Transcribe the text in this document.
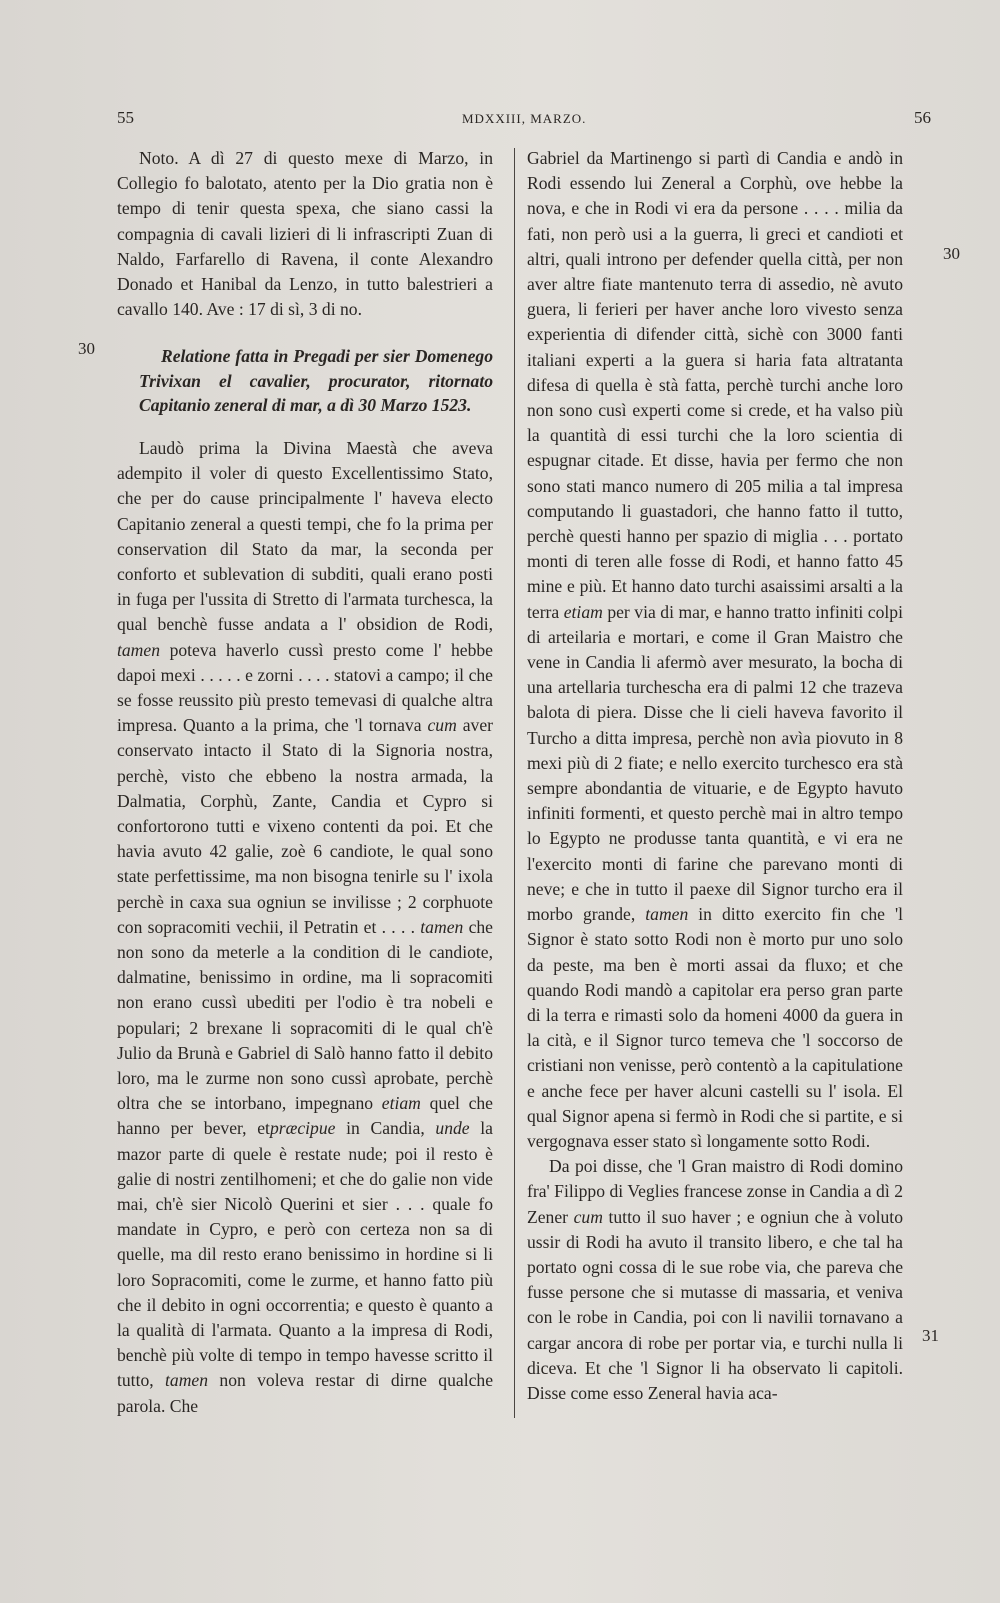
55	MDXXIII, MARZO.	56
30
30
31

Noto. A dì 27 di questo mexe di Marzo, in Collegio fo balotato, atento per la Dio gratia non è tempo di tenir questa spexa, che siano cassi la compagnia di cavali lizieri di li infrascripti Zuan di Naldo, Farfarello di Ravena, il conte Alexandro Donado et Hanibal da Lenzo, in tutto balestrieri a cavallo 140. Ave : 17 di sì, 3 di no.

Relatione fatta in Pregadi per sier Domenego Trivixan el cavalier, procurator, ritornato Capitanio zeneral di mar, a dì 30 Marzo 1523.

Laudò prima la Divina Maestà che aveva adempito il voler di questo Excellentissimo Stato, che per do cause principalmente l' haveva electo Capitanio zeneral a questi tempi, che fo la prima per conservation dil Stato da mar, la seconda per conforto et sublevation di subditi, quali erano posti in fuga per l'ussita di Stretto di l'armata turchesca, la qual benchè fusse andata a l' obsidion de Rodi, tamen poteva haverlo cussì presto come l' hebbe dapoi mexi . . . . . e zorni . . . . statovi a campo; il che se fosse reussito più presto temevasi di qualche altra impresa. Quanto a la prima, che 'l tornava cum aver conservato intacto il Stato di la Signoria nostra, perchè, visto che ebbeno la nostra armada, la Dalmatia, Corphù, Zante, Candia et Cypro si confortorono tutti e vixeno contenti da poi. Et che havia avuto 42 galie, zoè 6 candiote, le qual sono state perfettissime, ma non bisogna tenirle su l' ixola perchè in caxa sua ogniun se invilisse ; 2 corphuote con sopracomiti vechii, il Petratin et . . . . tamen che non sono da meterle a la condition di le candiote, dalmatine, benissimo in ordine, ma li sopracomiti non erano cussì ubediti per l'odio è tra nobeli e populari; 2 brexane li sopracomiti di le qual ch'è Julio da Brunà e Gabriel di Salò hanno fatto il debito loro, ma le zurme non sono cussì aprobate, perchè oltra che se intorbano, impegnano etiam quel che hanno per bever, etpræcipue in Candia, unde la mazor parte di quele è restate nude; poi il resto è galie di nostri zentilhomeni; et che do galie non vide mai, ch'è sier Nicolò Querini et sier . . . quale fo mandate in Cypro, e però con certeza non sa di quelle, ma dil resto erano benissimo in hordine si li loro Sopracomiti, come le zurme, et hanno fatto più che il debito in ogni occorrentia; e questo è quanto a la qualità di l'armata. Quanto a la impresa di Rodi, benchè più volte di tempo in tempo havesse scritto il tutto, tamen non voleva restar di dirne qualche parola. Che

Gabriel da Martinengo si partì di Candia e andò in Rodi essendo lui Zeneral a Corphù, ove hebbe la nova, e che in Rodi vi era da persone . . . . milia da fati, non però usi a la guerra, li greci et candioti et altri, quali introno per defender quella città, per non aver altre fiate mantenuto terra di assedio, nè avuto guera, li ferieri per haver anche loro vivesto senza experientia di difender città, sichè con 3000 fanti italiani experti a la guera si haria fata altratanta difesa di quella è stà fatta, perchè turchi anche loro non sono cusì experti come si crede, et ha valso più la quantità di essi turchi che la loro scientia di espugnar citade. Et disse, havia per fermo che non sono stati manco numero di 205 milia a tal impresa computando li guastadori, che hanno fatto il tutto, perchè questi hanno per spazio di miglia . . . portato monti di teren alle fosse di Rodi, et hanno fatto 45 mine e più. Et hanno dato turchi asaissimi arsalti a la terra etiam per via di mar, e hanno tratto infiniti colpi di arteilaria e mortari, e come il Gran Maistro che vene in Candia li afermò aver mesurato, la bocha di una artellaria turchescha era di palmi 12 che trazeva balota di piera. Disse che li cieli haveva favorito il Turcho a ditta impresa, perchè non avìa piovuto in 8 mexi più di 2 fiate; e nello exercito turchesco era stà sempre abondantia de vituarie, e de Egypto havuto infiniti formenti, et questo perchè mai in altro tempo lo Egypto ne produsse tanta quantità, e vi era ne l'exercito monti di farine che parevano monti di neve; e che in tutto il paexe dil Signor turcho era il morbo grande, tamen in ditto exercito fin che 'l Signor è stato sotto Rodi non è morto pur uno solo da peste, ma ben è morti assai da fluxo; et che quando Rodi mandò a capitolar era perso gran parte di la terra e rimasti solo da homeni 4000 da guera in la cità, e il Signor turco temeva che 'l soccorso de cristiani non venisse, però contentò a la capitulatione e anche fece per haver alcuni castelli su l' isola. El qual Signor apena si fermò in Rodi che si partite, e si vergognava esser stato sì longamente sotto Rodi.

Da poi disse, che 'l Gran maistro di Rodi domino fra' Filippo di Veglies francese zonse in Candia a dì 2 Zener cum tutto il suo haver ; e ogniun che à voluto ussir di Rodi ha avuto il transito libero, e che tal ha portato ogni cossa di le sue robe via, che pareva che fusse persone che si mutasse di massaria, et veniva con le robe in Candia, poi con li navilii tornavano a cargar ancora di robe per portar via, e turchi nulla li diceva. Et che 'l Signor li ha observato li capitoli. Disse come esso Zeneral havia aca-
